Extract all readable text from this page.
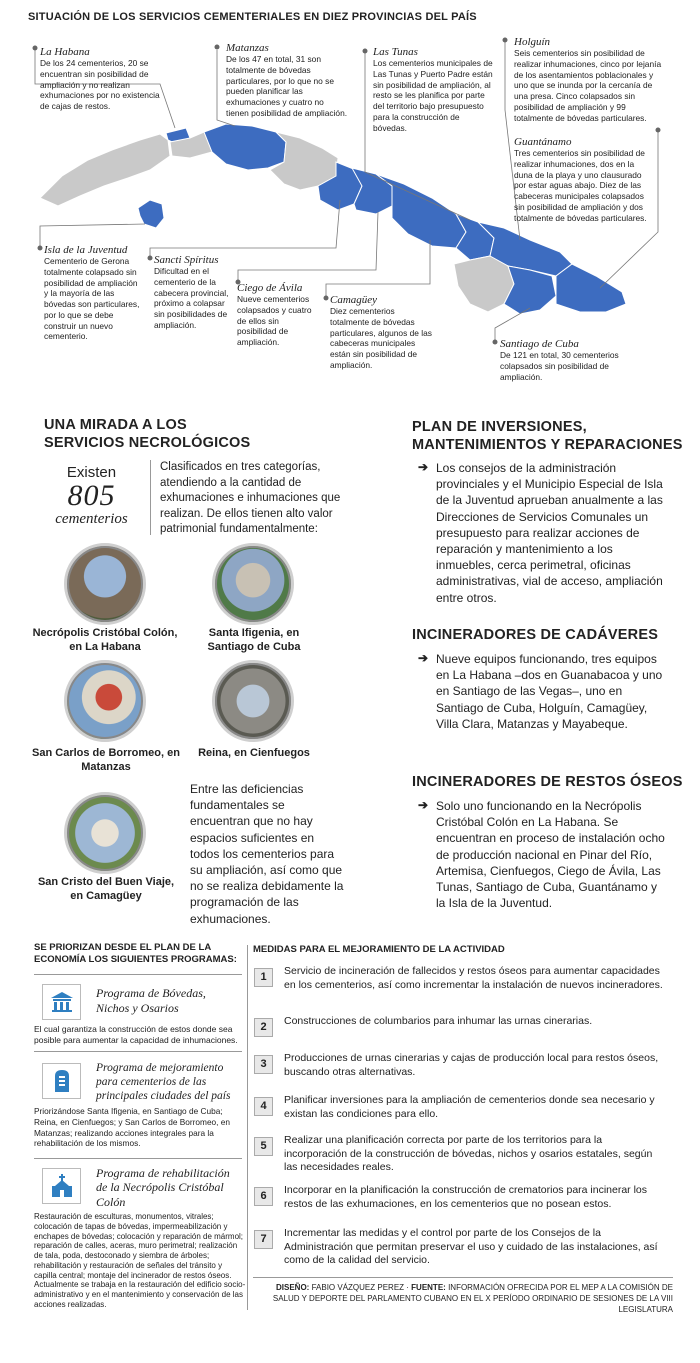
SITUACIÓN DE LOS SERVICIOS CEMENTERIALES EN DIEZ PROVINCIAS DEL PAÍS
La Habana
De los 24 cementerios, 20 se encuentran sin posibilidad de ampliación y no realizan exhumaciones por no existencia de cajas de restos.
Matanzas
De los 47 en total, 31 son totalmente de bóvedas particulares, por lo que no se pueden planificar las exhumaciones y cuatro no tienen posibilidad de ampliación.
Las Tunas
Los cementerios municipales de Las Tunas y Puerto Padre están sin posibilidad de ampliación, al resto se les planifica por parte del territorio bajo presupuesto para la construcción de bóvedas.
Holguín
Seis cementerios sin posibilidad de realizar inhumaciones, cinco por lejanía de los asentamientos poblacionales y uno que se inunda por la cercanía de una presa. Cinco colapsados sin posibilidad de ampliación y 99 totalmente de bóvedas particulares.
Guantánamo
Tres cementerios sin posibilidad de realizar inhumaciones, dos en la duna de la playa y uno clausurado por estar aguas abajo. Diez de las cabeceras municipales colapsados sin posibilidad de ampliación y dos totalmente de bóvedas particulares.
Isla de la Juventud
Cementerio de Gerona totalmente colapsado sin posibilidad de ampliación y la mayoría de las bóvedas son particulares, por lo que se debe construir un nuevo cementerio.
Sancti Spíritus
Dificultad en el cementerio de la cabecera provincial, próximo a colapsar sin posibilidades de ampliación.
Ciego de Ávila
Nueve cementerios colapsados y cuatro de ellos sin posibilidad de ampliación.
Camagüey
Diez cementerios totalmente de bóvedas particulares, algunos de las cabeceras municipales están sin posibilidad de ampliación.
Santiago de Cuba
De 121 en total, 30 cementerios colapsados sin posibilidad de ampliación.
UNA MIRADA A LOS
SERVICIOS NECROLÓGICOS
Existen
805
cementerios
Clasificados en tres categorías, atendiendo a la cantidad de exhumaciones e inhumaciones que realizan. De ellos tienen alto valor patrimonial fundamentalmente:
Necrópolis Cristóbal Colón, en La Habana
Santa Ifigenia, en Santiago de Cuba
San Carlos de Borromeo, en Matanzas
Reina, en Cienfuegos
San Cristo del Buen Viaje, en Camagüey
Entre las deficiencias fundamentales se encuentran que no hay espacios suficientes en todos los cementerios para su ampliación, así como que no se realiza debidamente la programación de las exhumaciones.
PLAN DE INVERSIONES,
MANTENIMIENTOS Y REPARACIONES
➔ Los consejos de la administración provinciales y el Municipio Especial de Isla de la Juventud aprueban anualmente a las Direcciones de Servicios Comunales un presupuesto para realizar acciones de reparación y mantenimiento a los inmuebles, cerca perimetral, oficinas administrativas, vial de acceso, ampliación entre otros.
INCINERADORES DE CADÁVERES
➔ Nueve equipos funcionando, tres equipos en La Habana –dos en Guanabacoa y uno en Santiago de las Vegas–, uno en Santiago de Cuba, Holguín, Camagüey, Villa Clara, Matanzas y Mayabeque.
INCINERADORES DE RESTOS ÓSEOS
➔ Solo uno funcionando en la Necrópolis Cristóbal Colón en La Habana. Se encuentran en proceso de instalación ocho de producción nacional en Pinar del Río, Artemisa, Cienfuegos, Ciego de Ávila, Las Tunas, Santiago de Cuba, Guantánamo y la Isla de la Juventud.
SE PRIORIZAN DESDE EL PLAN DE LA ECONOMÍA LOS SIGUIENTES PROGRAMAS:
Programa de Bóvedas, Nichos y Osarios
El cual garantiza la construcción de estos donde sea posible para aumentar la capacidad de inhumaciones.
Programa de mejoramiento para cementerios de las principales ciudades del país
Priorizándose Santa Ifigenia, en Santiago de Cuba; Reina, en Cienfuegos; y San Carlos de Borromeo, en Matanzas; realizando acciones integrales para la rehabilitación de los mismos.
Programa de rehabilitación de la Necrópolis Cristóbal Colón
Restauración de esculturas, monumentos, vitrales; colocación de tapas de bóvedas, impermeabilización y enchapes de bóvedas; colocación y reparación de mármol; reparación de calles, aceras, muro perimetral; realización de tala, poda, destoconado y siembra de árboles; rehabilitación y restauración de señales del tránsito y capilla central; montaje del incinerador de restos óseos. Actualmente se trabaja en la restauración del edificio socio-administrativo y en el mantenimiento y conservación de las acciones realizadas.
MEDIDAS PARA EL MEJORAMIENTO DE LA ACTIVIDAD
1	Servicio de incineración de fallecidos y restos óseos para aumentar capacidades en los cementerios, así como incrementar la instalación de nuevos incineradores.
2	Construcciones de columbarios para inhumar las urnas cinerarias.
3	Producciones de urnas cinerarias y cajas de producción local para restos óseos, buscando otras alternativas.
4	Planificar inversiones para la ampliación de cementerios donde sea necesario y existan las condiciones para ello.
5	Realizar una planificación correcta por parte de los territorios para la incorporación de la construcción de bóvedas, nichos y osarios estatales, según las necesidades reales.
6	Incorporar en la planificación la construcción de crematorios para incinerar los restos de las exhumaciones, en los cementerios que no posean estos.
7	Incrementar las medidas y el control por parte de los Consejos de la Administración que permitan preservar el uso y cuidado de las instalaciones, así como de la calidad del servicio.
DISEÑO: FABIO VÁZQUEZ PEREZ · FUENTE: INFORMACIÓN OFRECIDA POR EL MEP A LA COMISIÓN DE SALUD Y DEPORTE DEL PARLAMENTO CUBANO EN EL X PERÍODO ORDINARIO DE SESIONES DE LA VIII LEGISLATURA
